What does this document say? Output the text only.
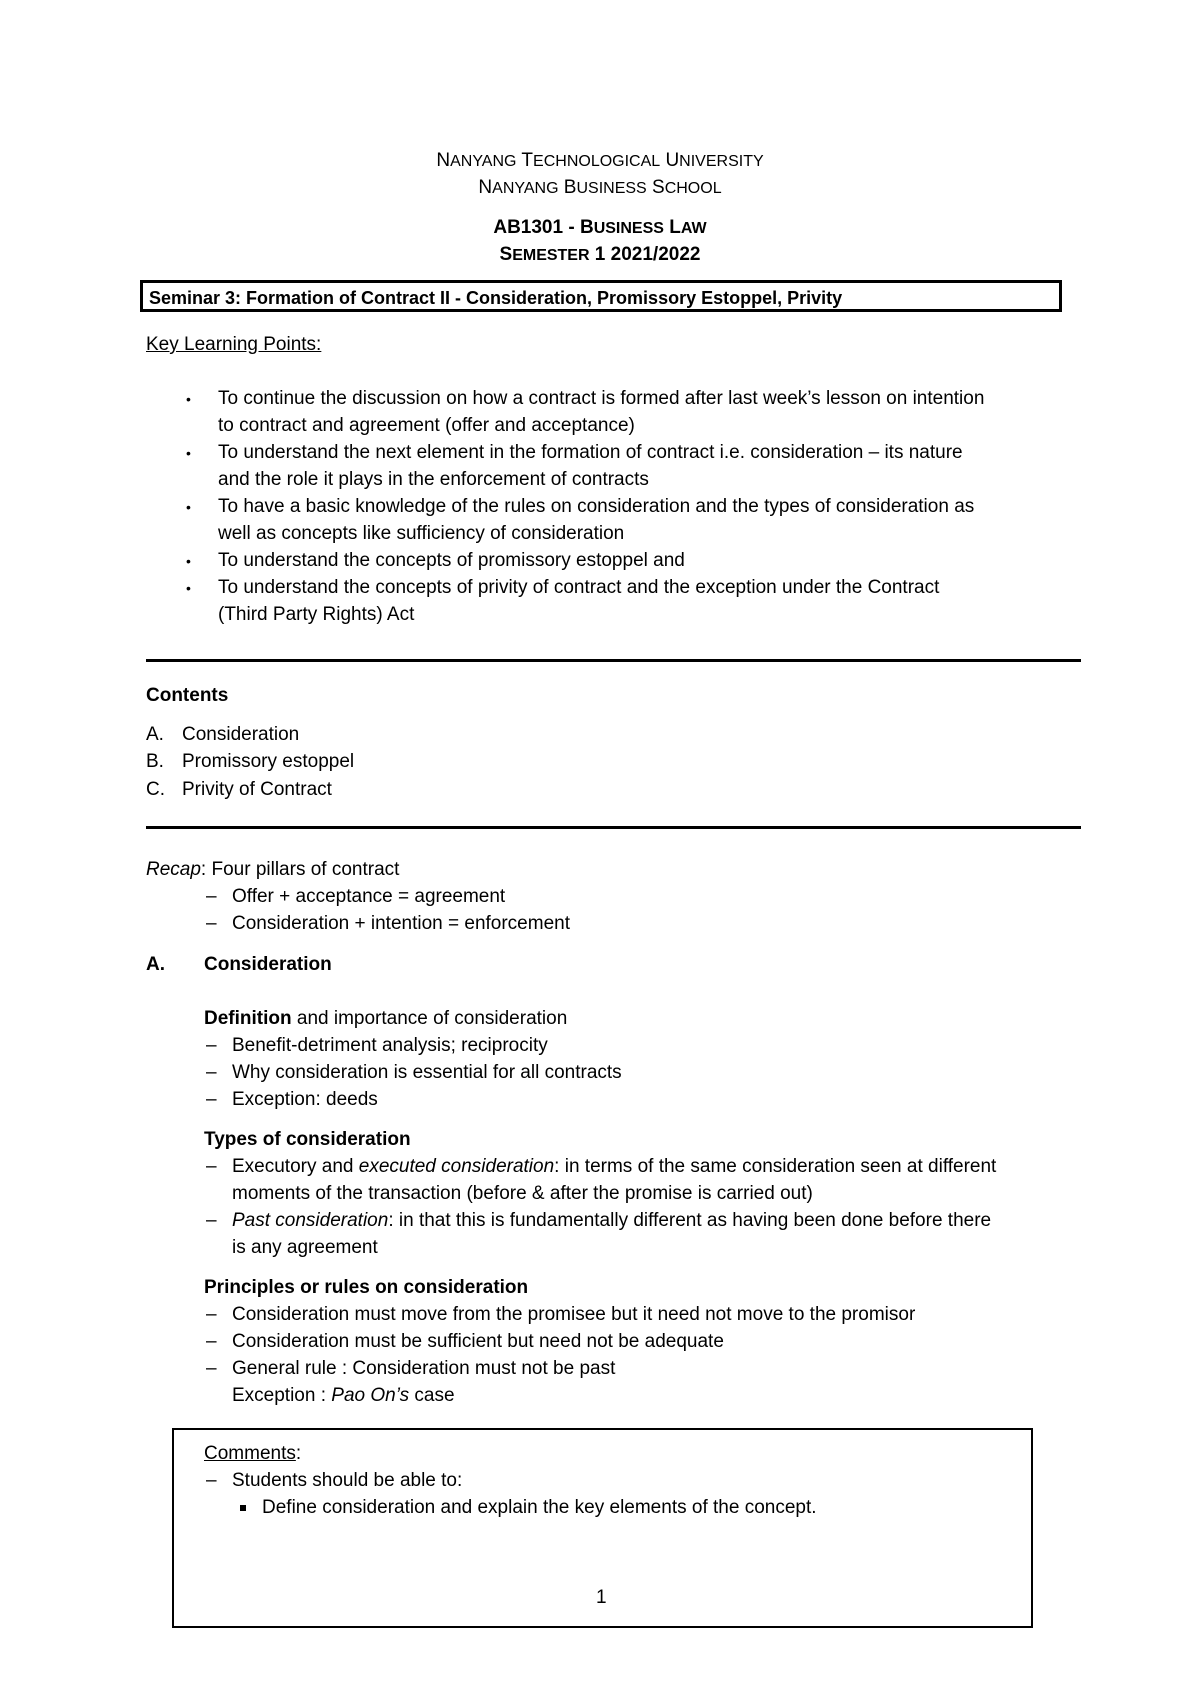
NANYANG TECHNOLOGICAL UNIVERSITY
NANYANG BUSINESS SCHOOL
AB1301 - BUSINESS LAW
SEMESTER 1 2021/2022
Seminar 3: Formation of Contract II - Consideration, Promissory Estoppel, Privity
Key Learning Points:
• To continue the discussion on how a contract is formed after last week’s lesson on intention
to contract and agreement (offer and acceptance)
• To understand the next element in the formation of contract i.e. consideration – its nature
and the role it plays in the enforcement of contracts
• To have a basic knowledge of the rules on consideration and the types of consideration as
well as concepts like sufficiency of consideration
• To understand the concepts of promissory estoppel and
• To understand the concepts of privity of contract and the exception under the Contract
(Third Party Rights) Act
Contents
A. Consideration
B. Promissory estoppel
C. Privity of Contract
Recap: Four pillars of contract
– Offer + acceptance = agreement
– Consideration + intention = enforcement
A. Consideration
Definition and importance of consideration
– Benefit-detriment analysis; reciprocity
– Why consideration is essential for all contracts
– Exception: deeds
Types of consideration
– Executory and executed consideration: in terms of the same consideration seen at different
moments of the transaction (before & after the promise is carried out)
– Past consideration: in that this is fundamentally different as having been done before there
is any agreement
Principles or rules on consideration
– Consideration must move from the promisee but it need not move to the promisor
– Consideration must be sufficient but need not be adequate
– General rule : Consideration must not be past
Exception : Pao On’s case
Comments:
– Students should be able to:
Define consideration and explain the key elements of the concept.
1
